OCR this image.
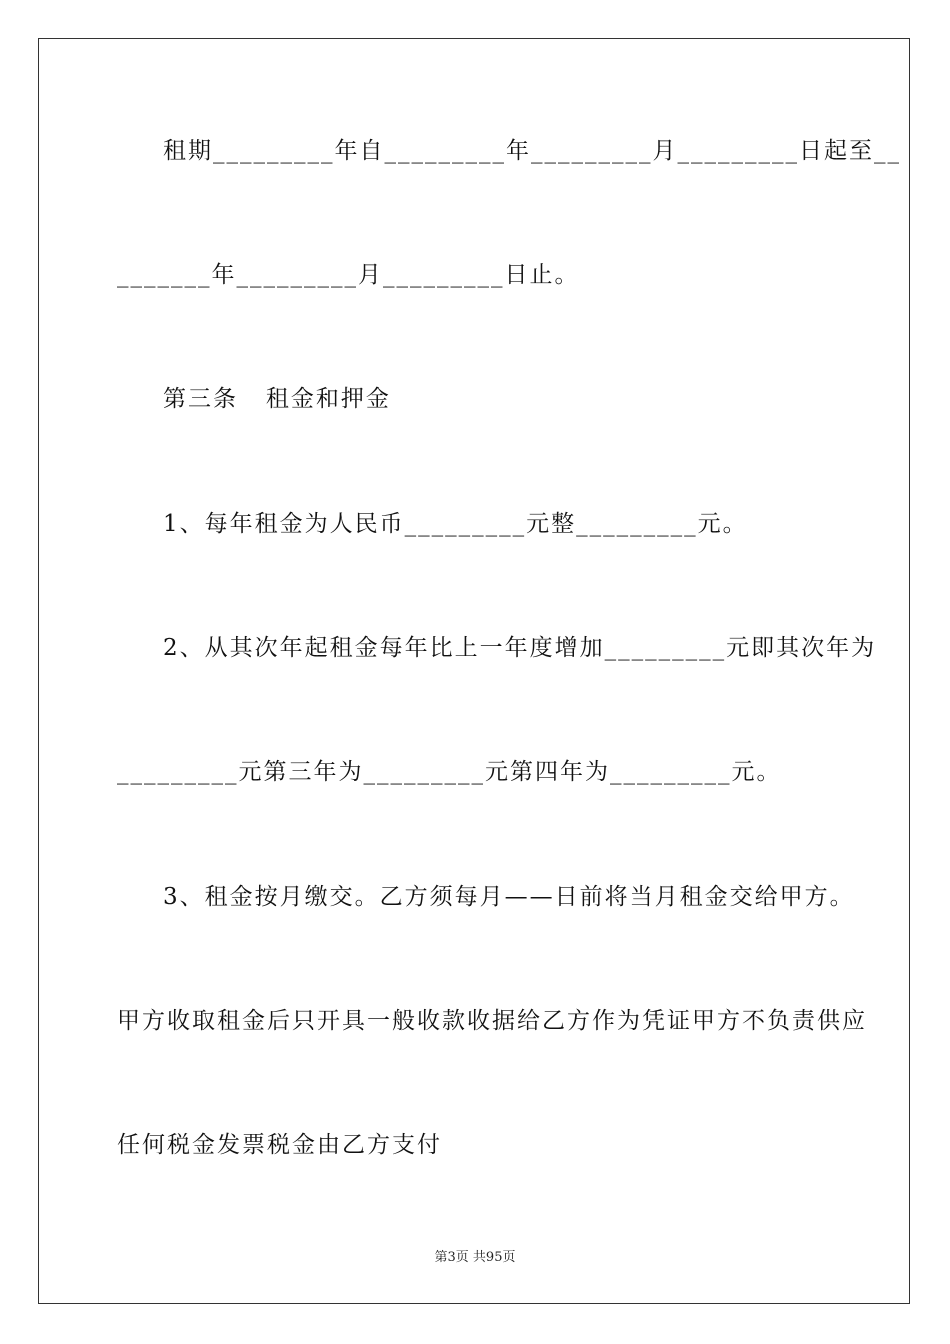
租期_________年自_________年_________月_________日起至__
_______年_________月_________日止。
第三条   租金和押金
1、每年租金为人民币_________元整_________元。
2、从其次年起租金每年比上一年度增加_________元即其次年为
_________元第三年为_________元第四年为_________元。
3、租金按月缴交。乙方须每月——日前将当月租金交给甲方。
甲方收取租金后只开具一般收款收据给乙方作为凭证甲方不负责供应
任何税金发票税金由乙方支付
第3页 共95页
